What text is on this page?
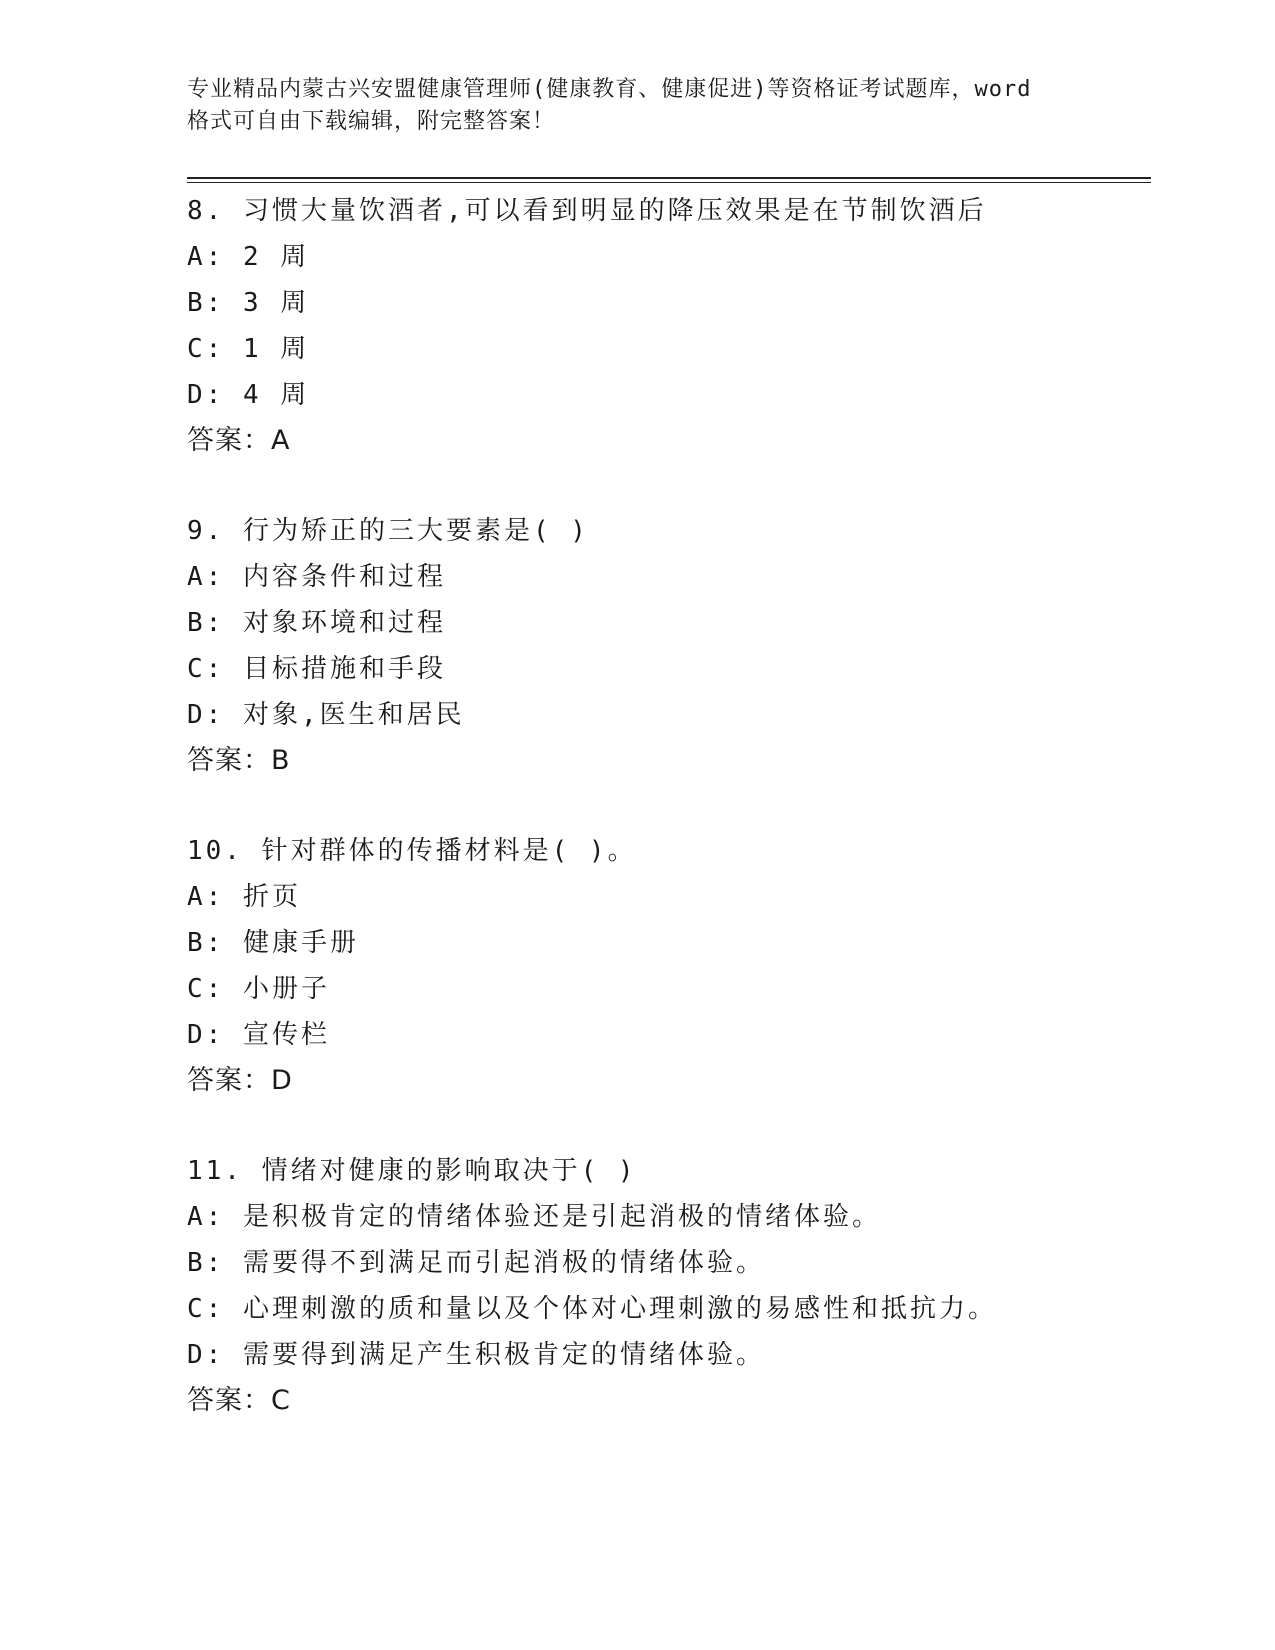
专业精品内蒙古兴安盟健康管理师(健康教育、健康促进)等资格证考试题库，word
格式可自由下载编辑，附完整答案！
8. 习惯大量饮酒者,可以看到明显的降压效果是在节制饮酒后
A: 2 周
B: 3 周
C: 1 周
D: 4 周
答案：A
9. 行为矫正的三大要素是( )
A: 内容条件和过程
B: 对象环境和过程
C: 目标措施和手段
D: 对象,医生和居民
答案：B
10. 针对群体的传播材料是( )。
A: 折页
B: 健康手册
C: 小册子
D: 宣传栏
答案：D
11. 情绪对健康的影响取决于( )
A: 是积极肯定的情绪体验还是引起消极的情绪体验。
B: 需要得不到满足而引起消极的情绪体验。
C: 心理刺激的质和量以及个体对心理刺激的易感性和抵抗力。
D: 需要得到满足产生积极肯定的情绪体验。
答案：C
